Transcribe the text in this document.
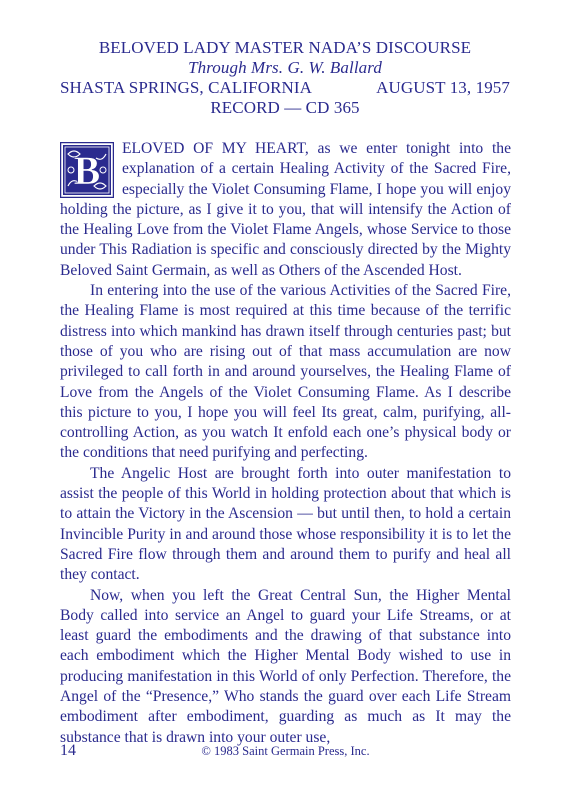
BELOVED LADY MASTER NADA’S DISCOURSE
Through Mrs. G. W. Ballard
SHASTA SPRINGS, CALIFORNIA	AUGUST 13, 1957
RECORD — CD 365

B ELOVED OF MY HEART, as we enter tonight into the explanation of a certain Healing Activity of the Sacred Fire, especially the Violet Consuming Flame, I hope you will enjoy holding the picture, as I give it to you, that will intensify the Action of the Healing Love from the Violet Flame Angels, whose Service to those under This Radiation is specific and consciously directed by the Mighty Beloved Saint Germain, as well as Others of the Ascended Host.

In entering into the use of the various Activities of the Sacred Fire, the Healing Flame is most required at this time because of the terrific distress into which mankind has drawn itself through centuries past; but those of you who are rising out of that mass accumulation are now privileged to call forth in and around yourselves, the Healing Flame of Love from the Angels of the Violet Consuming Flame. As I describe this picture to you, I hope you will feel Its great, calm, purifying, all-controlling Action, as you watch It enfold each one’s physical body or the conditions that need purifying and perfecting.

The Angelic Host are brought forth into outer manifestation to assist the people of this World in holding protection about that which is to attain the Victory in the Ascension — but until then, to hold a certain Invincible Purity in and around those whose responsibility it is to let the Sacred Fire flow through them and around them to purify and heal all they contact.

Now, when you left the Great Central Sun, the Higher Mental Body called into service an Angel to guard your Life Streams, or at least guard the embodiments and the drawing of that substance into each embodiment which the Higher Mental Body wished to use in producing manifestation in this World of only Perfection. Therefore, the Angel of the “Presence,” Who stands the guard over each Life Stream embodiment after embodiment, guarding as much as It may the substance that is drawn into your outer use,

14	© 1983 Saint Germain Press, Inc.
